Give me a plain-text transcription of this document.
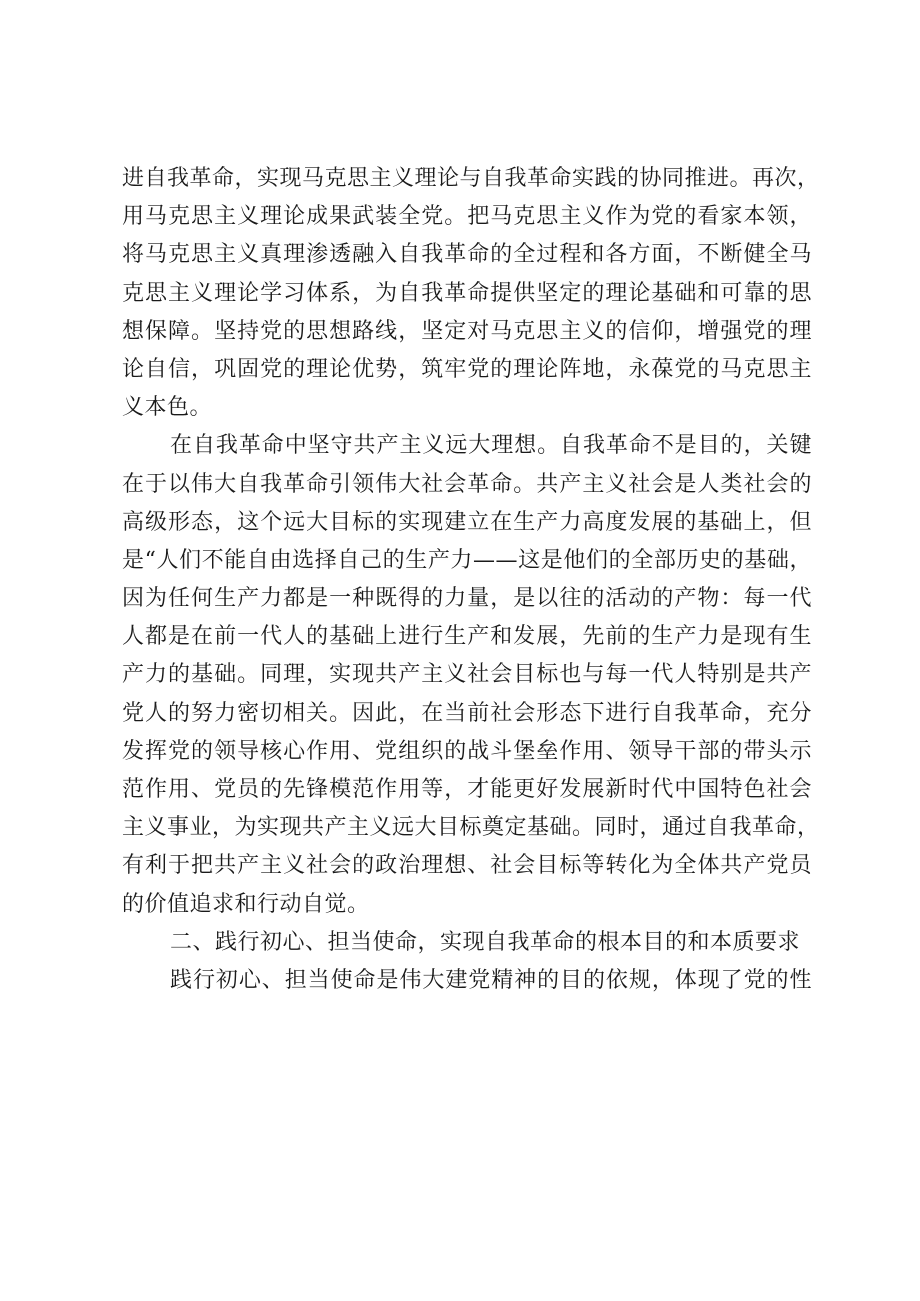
进自我革命，实现马克思主义理论与自我革命实践的协同推进。再次，
用马克思主义理论成果武装全党。把马克思主义作为党的看家本领，
将马克思主义真理渗透融入自我革命的全过程和各方面，不断健全马
克思主义理论学习体系，为自我革命提供坚定的理论基础和可靠的思
想保障。坚持党的思想路线，坚定对马克思主义的信仰，增强党的理
论自信，巩固党的理论优势，筑牢党的理论阵地，永葆党的马克思主
义本色。
在自我革命中坚守共产主义远大理想。自我革命不是目的，关键
在于以伟大自我革命引领伟大社会革命。共产主义社会是人类社会的
高级形态，这个远大目标的实现建立在生产力高度发展的基础上，但
是“人们不能自由选择自己的生产力——这是他们的全部历史的基础，
因为任何生产力都是一种既得的力量，是以往的活动的产物：每一代
人都是在前一代人的基础上进行生产和发展，先前的生产力是现有生
产力的基础。同理，实现共产主义社会目标也与每一代人特别是共产
党人的努力密切相关。因此，在当前社会形态下进行自我革命，充分
发挥党的领导核心作用、党组织的战斗堡垒作用、领导干部的带头示
范作用、党员的先锋模范作用等，才能更好发展新时代中国特色社会
主义事业，为实现共产主义远大目标奠定基础。同时，通过自我革命，
有利于把共产主义社会的政治理想、社会目标等转化为全体共产党员
的价值追求和行动自觉。
二、践行初心、担当使命，实现自我革命的根本目的和本质要求
践行初心、担当使命是伟大建党精神的目的依规，体现了党的性
